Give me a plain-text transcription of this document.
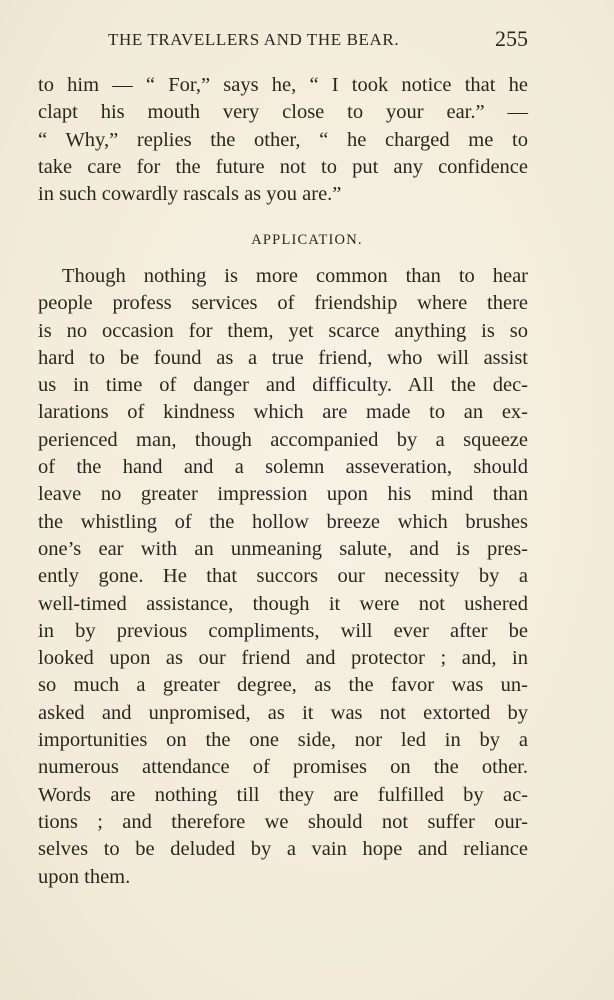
THE TRAVELLERS AND THE BEAR.	255
to him — “ For,” says he, “ I took notice that he
clapt his mouth very close to your ear.” —
“ Why,” replies the other, “ he charged me to
take care for the future not to put any confidence
in such cowardly rascals as you are.”
APPLICATION.
Though nothing is more common than to hear
people profess services of friendship where there
is no occasion for them, yet scarce anything is so
hard to be found as a true friend, who will assist
us in time of danger and difficulty. All the dec-
larations of kindness which are made to an ex-
perienced man, though accompanied by a squeeze
of the hand and a solemn asseveration, should
leave no greater impression upon his mind than
the whistling of the hollow breeze which brushes
one’s ear with an unmeaning salute, and is pres-
ently gone. He that succors our necessity by a
well-timed assistance, though it were not ushered
in by previous compliments, will ever after be
looked upon as our friend and protector ; and, in
so much a greater degree, as the favor was un-
asked and unpromised, as it was not extorted by
importunities on the one side, nor led in by a
numerous attendance of promises on the other.
Words are nothing till they are fulfilled by ac-
tions ; and therefore we should not suffer our-
selves to be deluded by a vain hope and reliance
upon them.
